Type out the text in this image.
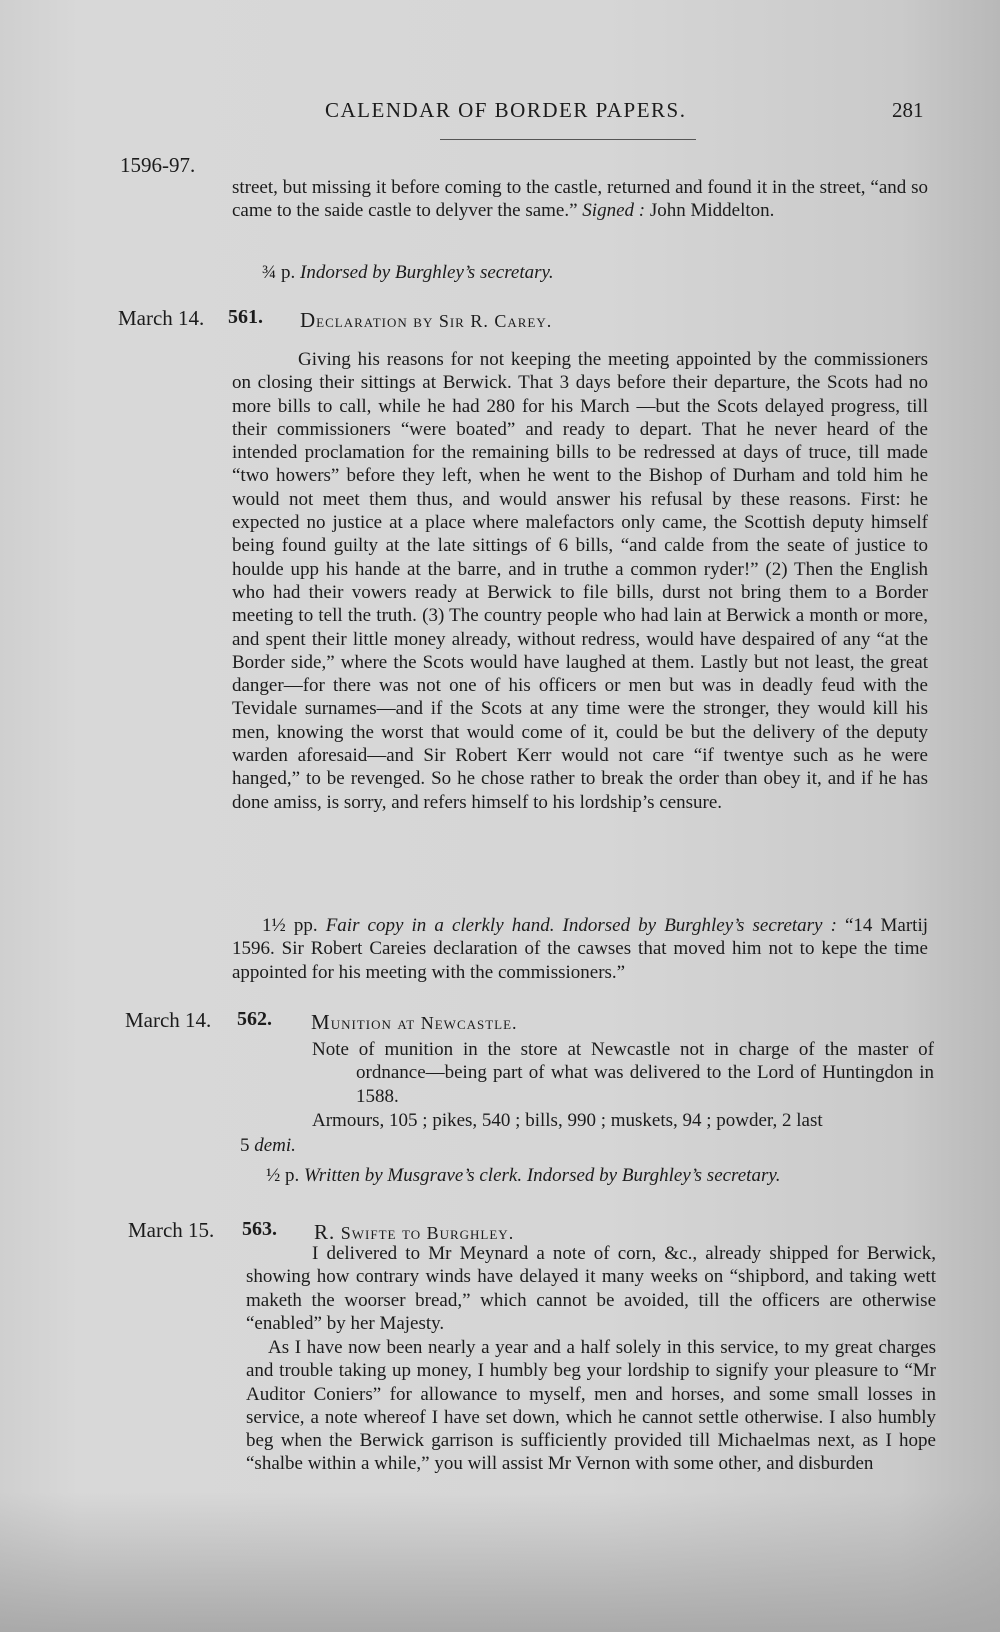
CALENDAR OF BORDER PAPERS.	281
1596-97.
street, but missing it before coming to the castle, returned and found it in the street, “and so came to the saide castle to delyver the same.” Signed : John Middelton.
¾ p. Indorsed by Burghley’s secretary.
March 14. 561. Declaration by Sir R. Carey.
Giving his reasons for not keeping the meeting appointed by the commissioners on closing their sittings at Berwick. That 3 days before their departure, the Scots had no more bills to call, while he had 280 for his March —but the Scots delayed progress, till their commissioners “were boated” and ready to depart. That he never heard of the intended proclamation for the remaining bills to be redressed at days of truce, till made “two howers” before they left, when he went to the Bishop of Durham and told him he would not meet them thus, and would answer his refusal by these reasons. First: he expected no justice at a place where malefactors only came, the Scottish deputy himself being found guilty at the late sittings of 6 bills, “and calde from the seate of justice to houlde upp his hande at the barre, and in truthe a common ryder!” (2) Then the English who had their vowers ready at Berwick to file bills, durst not bring them to a Border meeting to tell the truth. (3) The country people who had lain at Berwick a month or more, and spent their little money already, without redress, would have despaired of any “at the Border side,” where the Scots would have laughed at them. Lastly but not least, the great danger—for there was not one of his officers or men but was in deadly feud with the Tevidale surnames—and if the Scots at any time were the stronger, they would kill his men, knowing the worst that would come of it, could be but the delivery of the deputy warden aforesaid—and Sir Robert Kerr would not care “if twentye such as he were hanged,” to be revenged. So he chose rather to break the order than obey it, and if he has done amiss, is sorry, and refers himself to his lordship’s censure.
1½ pp. Fair copy in a clerkly hand. Indorsed by Burghley’s secretary : “14 Martij 1596. Sir Robert Careies declaration of the cawses that moved him not to kepe the time appointed for his meeting with the commissioners.”
March 14. 562. Munition at Newcastle.
Note of munition in the store at Newcastle not in charge of the master of ordnance—being part of what was delivered to the Lord of Huntingdon in 1588.
Armours, 105 ; pikes, 540 ; bills, 990 ; muskets, 94 ; powder, 2 last
5 demi.
½ p. Written by Musgrave’s clerk. Indorsed by Burghley’s secretary.
March 15. 563. R. Swifte to Burghley.
I delivered to Mr Meynard a note of corn, &c., already shipped for Berwick, showing how contrary winds have delayed it many weeks on “shipbord, and taking wett maketh the woorser bread,” which cannot be avoided, till the officers are otherwise “enabled” by her Majesty.
As I have now been nearly a year and a half solely in this service, to my great charges and trouble taking up money, I humbly beg your lordship to signify your pleasure to “Mr Auditor Coniers” for allowance to myself, men and horses, and some small losses in service, a note whereof I have set down, which he cannot settle otherwise. I also humbly beg when the Berwick garrison is sufficiently provided till Michaelmas next, as I hope “shalbe within a while,” you will assist Mr Vernon with some other, and disburden
